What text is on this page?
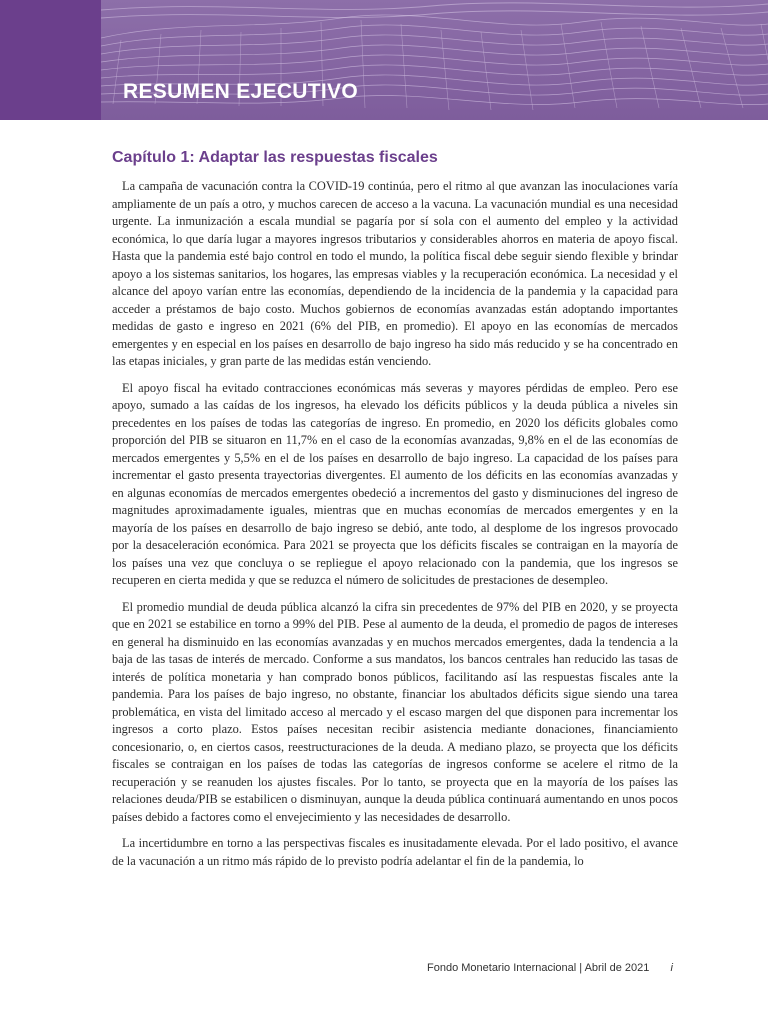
RESUMEN EJECUTIVO
Capítulo 1: Adaptar las respuestas fiscales

La campaña de vacunación contra la COVID-19 continúa, pero el ritmo al que avanzan las inoculaciones varía ampliamente de un país a otro, y muchos carecen de acceso a la vacuna. La vacunación mundial es una necesidad urgente. La inmunización a escala mundial se pagaría por sí sola con el aumento del empleo y la actividad económica, lo que daría lugar a mayores ingresos tributarios y considerables ahorros en materia de apoyo fiscal. Hasta que la pandemia esté bajo control en todo el mundo, la política fiscal debe seguir siendo flexible y brindar apoyo a los sistemas sanitarios, los hogares, las empresas viables y la recuperación económica. La necesidad y el alcance del apoyo varían entre las economías, dependiendo de la incidencia de la pandemia y la capacidad para acceder a préstamos de bajo costo. Muchos gobiernos de economías avanzadas están adoptando importantes medidas de gasto e ingreso en 2021 (6% del PIB, en promedio). El apoyo en las economías de mercados emergentes y en especial en los países en desarrollo de bajo ingreso ha sido más reducido y se ha concentrado en las etapas iniciales, y gran parte de las medidas están venciendo.

El apoyo fiscal ha evitado contracciones económicas más severas y mayores pérdidas de empleo. Pero ese apoyo, sumado a las caídas de los ingresos, ha elevado los déficits públicos y la deuda pública a niveles sin precedentes en los países de todas las categorías de ingreso. En promedio, en 2020 los déficits globales como proporción del PIB se situaron en 11,7% en el caso de la economías avanzadas, 9,8% en el de las economías de mercados emergentes y 5,5% en el de los países en desarrollo de bajo ingreso. La capacidad de los países para incrementar el gasto presenta trayectorias divergentes. El aumento de los déficits en las economías avanzadas y en algunas economías de mercados emergentes obedeció a incrementos del gasto y disminuciones del ingreso de magnitudes aproximadamente iguales, mientras que en muchas economías de mercados emergentes y en la mayoría de los países en desarrollo de bajo ingreso se debió, ante todo, al desplome de los ingresos provocado por la desaceleración económica. Para 2021 se proyecta que los déficits fiscales se contraigan en la mayoría de los países una vez que concluya o se repliegue el apoyo relacionado con la pandemia, que los ingresos se recuperen en cierta medida y que se reduzca el número de solicitudes de prestaciones de desempleo.

El promedio mundial de deuda pública alcanzó la cifra sin precedentes de 97% del PIB en 2020, y se proyecta que en 2021 se estabilice en torno a 99% del PIB. Pese al aumento de la deuda, el promedio de pagos de intereses en general ha disminuido en las economías avanzadas y en muchos mercados emergentes, dada la tendencia a la baja de las tasas de interés de mercado. Conforme a sus mandatos, los bancos centrales han reducido las tasas de interés de política monetaria y han comprado bonos públicos, facilitando así las respuestas fiscales ante la pandemia. Para los países de bajo ingreso, no obstante, financiar los abultados déficits sigue siendo una tarea problemática, en vista del limitado acceso al mercado y el escaso margen del que disponen para incrementar los ingresos a corto plazo. Estos países necesitan recibir asistencia mediante donaciones, financiamiento concesionario, o, en ciertos casos, reestructuraciones de la deuda. A mediano plazo, se proyecta que los déficits fiscales se contraigan en los países de todas las categorías de ingresos conforme se acelere el ritmo de la recuperación y se reanuden los ajustes fiscales. Por lo tanto, se proyecta que en la mayoría de los países las relaciones deuda/PIB se estabilicen o disminuyan, aunque la deuda pública continuará aumentando en unos pocos países debido a factores como el envejecimiento y las necesidades de desarrollo.

La incertidumbre en torno a las perspectivas fiscales es inusitadamente elevada. Por el lado positivo, el avance de la vacunación a un ritmo más rápido de lo previsto podría adelantar el fin de la pandemia, lo

Fondo Monetario Internacional | Abril de 2021 i
